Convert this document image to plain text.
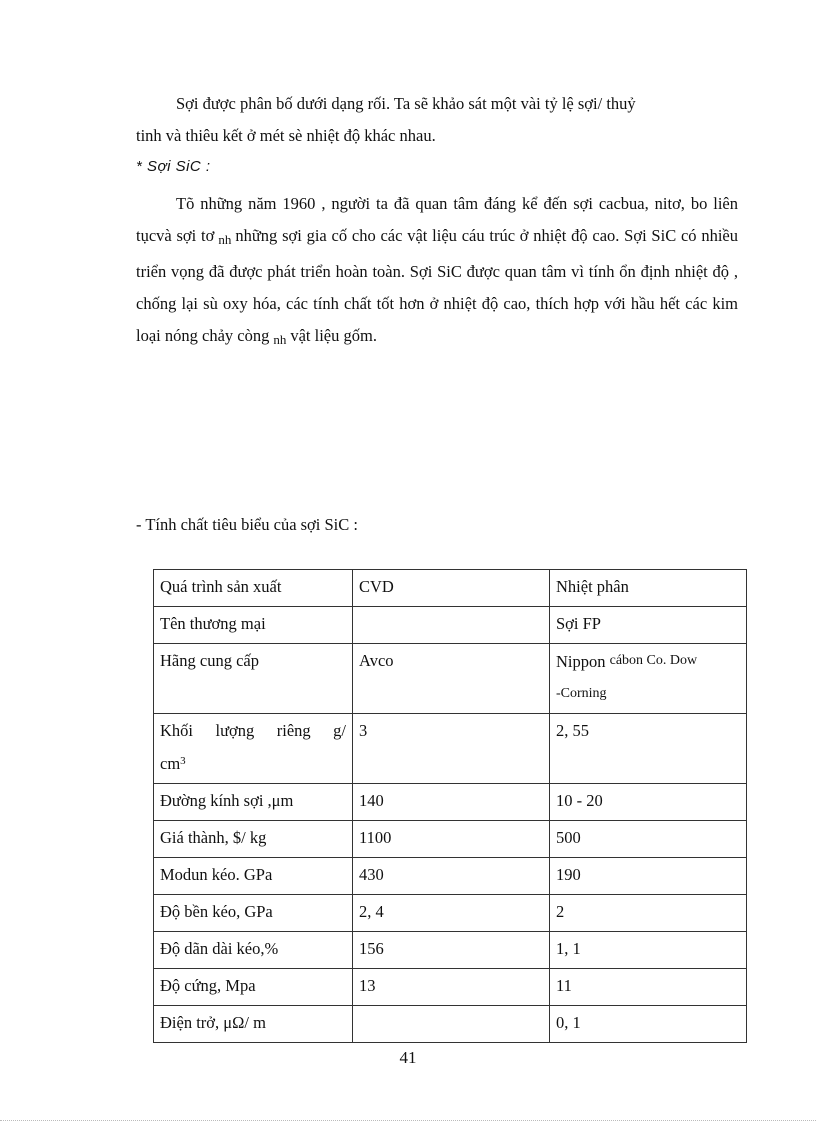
Sợi được phân bố dưới dạng rối. Ta sẽ khảo sát một vài tỷ lệ sợi/ thuỷ

tinh và thiêu kết ở mét sè nhiệt độ khác nhau.

* Sợi SiC :

Tõ những năm 1960 , người ta đã quan tâm đáng kể đến sợi cacbua, nitơ, bo liên tụcvà sợi tơ $_{nh}$ những sợi gia cố cho các vật liệu cáu trúc ở nhiệt độ cao. Sợi SiC có nhiều triển vọng đã được phát triển hoàn toàn. Sợi SiC được quan tâm vì tính ổn định nhiệt độ , chống lại sù oxy hóa, các tính chất tốt hơn ở nhiệt độ cao, thích hợp với hầu hết các kim loại nóng chảy còng $_{nh}$ vật liệu gốm.

- Tính chất tiêu biểu của sợi SiC :
Quá trình sản xuất	CVD	Nhiệt phân
Tên thương mại		Sợi FP
Hãng cung cấp	Avco	Nippon cábon Co. Dow
-Corning

Khối lượng riêng g/
$cm^3$	3	2, 55
Đường kính sợi ,μm	140	10 - 20
Giá thành, $/ kg	1100	500
Modun kéo. GPa	430	190
Độ bền kéo, GPa	2, 4	2
Độ dãn dài kéo,%	156	1, 1
Độ cứng, Mpa	13	11
Điện trở, μΩ/ m		0, 1
41
